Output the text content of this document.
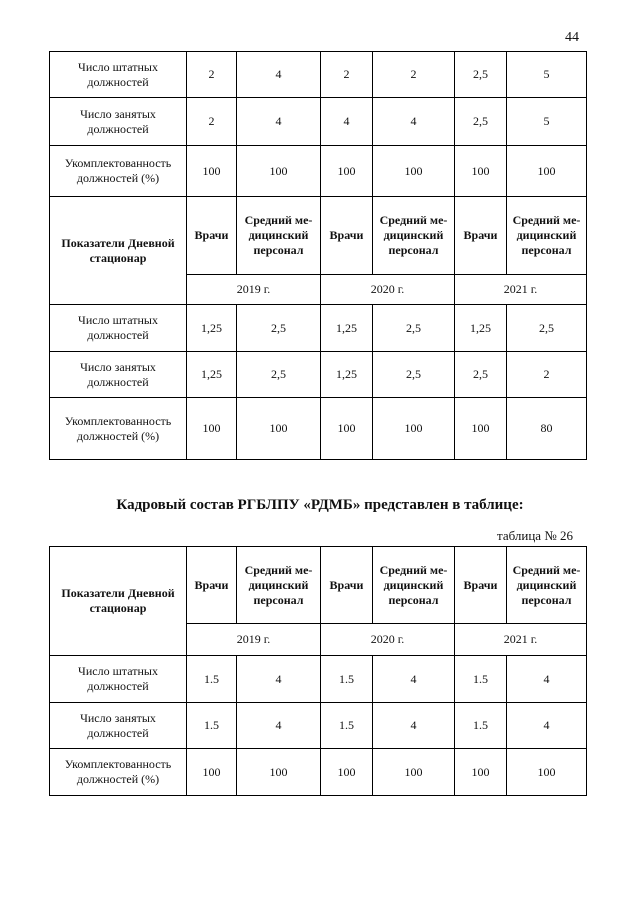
44
Число штатных должностей	2	4	2	2	2,5	5
Число занятых должностей	2	4	4	4	2,5	5
Укомплектованность должностей (%)	100	100	100	100	100	100
Показатели Дневной стационар	Врачи	Средний ме-дицинский персонал	Врачи	Средний ме-дицинский персонал	Врачи	Средний ме-дицинский персонал
	2019 г.		2020 г.		2021 г.	
Число штатных должностей	1,25	2,5	1,25	2,5	1,25	2,5
Число занятых должностей	1,25	2,5	1,25	2,5	2,5	2
Укомплектованность должностей (%)	100	100	100	100	100	80
Кадровый состав РГБЛПУ «РДМБ» представлен в таблице:
таблица № 26
Показатели Дневной стационар	Врачи	Средний ме-дицинский персонал	Врачи	Средний ме-дицинский персонал	Врачи	Средний ме-дицинский персонал
	2019 г.		2020 г.		2021 г.	
Число штатных должностей	1.5	4	1.5	4	1.5	4
Число занятых должностей	1.5	4	1.5	4	1.5	4
Укомплектованность должностей (%)	100	100	100	100	100	100
